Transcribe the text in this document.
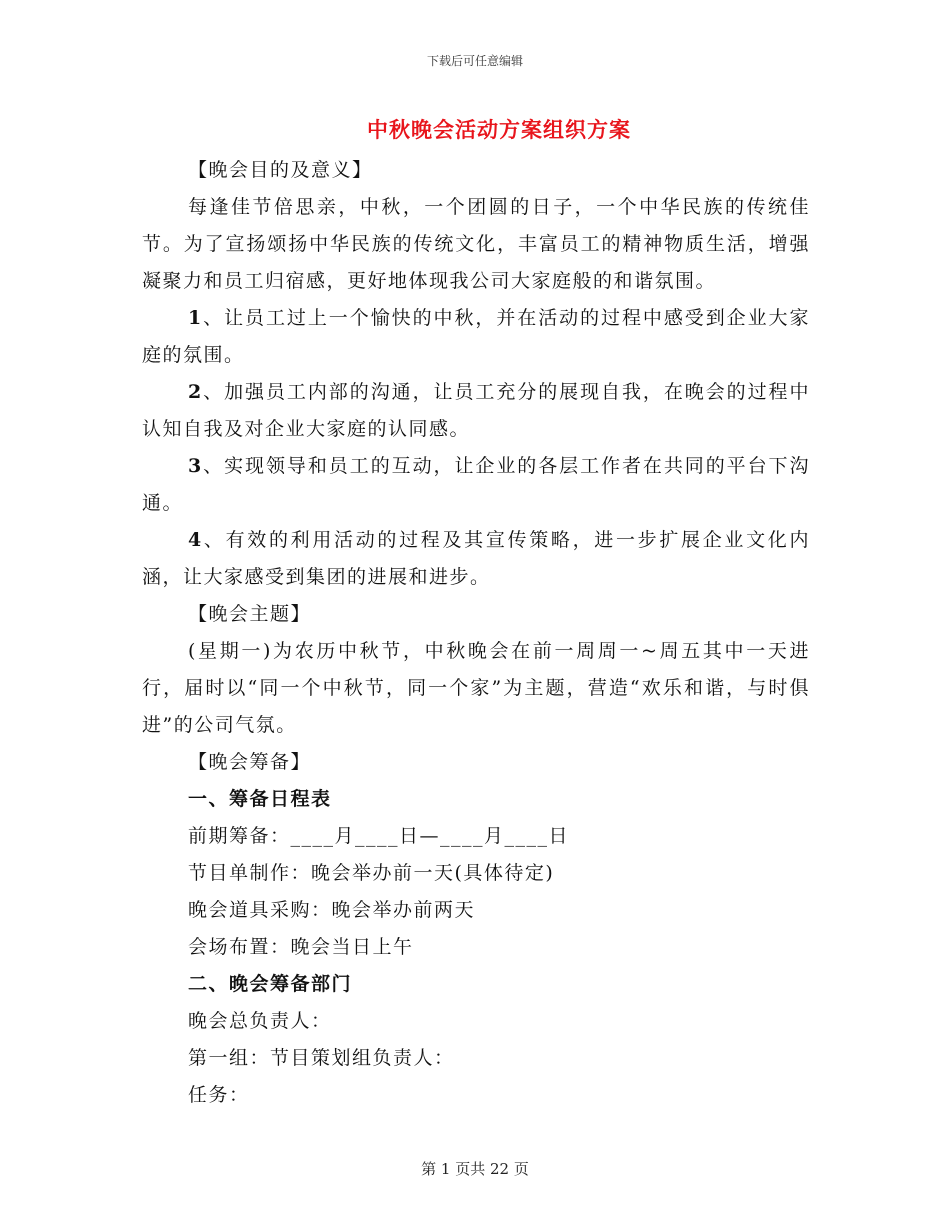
下载后可任意编辑
中秋晚会活动方案组织方案

【晚会目的及意义】

每逢佳节倍思亲，中秋，一个团圆的日子，一个中华民族的传统佳节。为了宣扬颂扬中华民族的传统文化，丰富员工的精神物质生活，增强凝聚力和员工归宿感，更好地体现我公司大家庭般的和谐氛围。

1、让员工过上一个愉快的中秋，并在活动的过程中感受到企业大家庭的氛围。

2、加强员工内部的沟通，让员工充分的展现自我，在晚会的过程中认知自我及对企业大家庭的认同感。

3、实现领导和员工的互动，让企业的各层工作者在共同的平台下沟通。

4、有效的利用活动的过程及其宣传策略，进一步扩展企业文化内涵，让大家感受到集团的进展和进步。

【晚会主题】

(星期一)为农历中秋节，中秋晚会在前一周周一~周五其中一天进行，届时以“同一个中秋节，同一个家”为主题，营造“欢乐和谐，与时俱进”的公司气氛。

【晚会筹备】

一、筹备日程表

前期筹备：____月____日—____月____日

节目单制作：晚会举办前一天(具体待定)

晚会道具采购：晚会举办前两天

会场布置：晚会当日上午

二、晚会筹备部门

晚会总负责人：

第一组：节目策划组负责人：

任务：

第 1 页共 22 页
